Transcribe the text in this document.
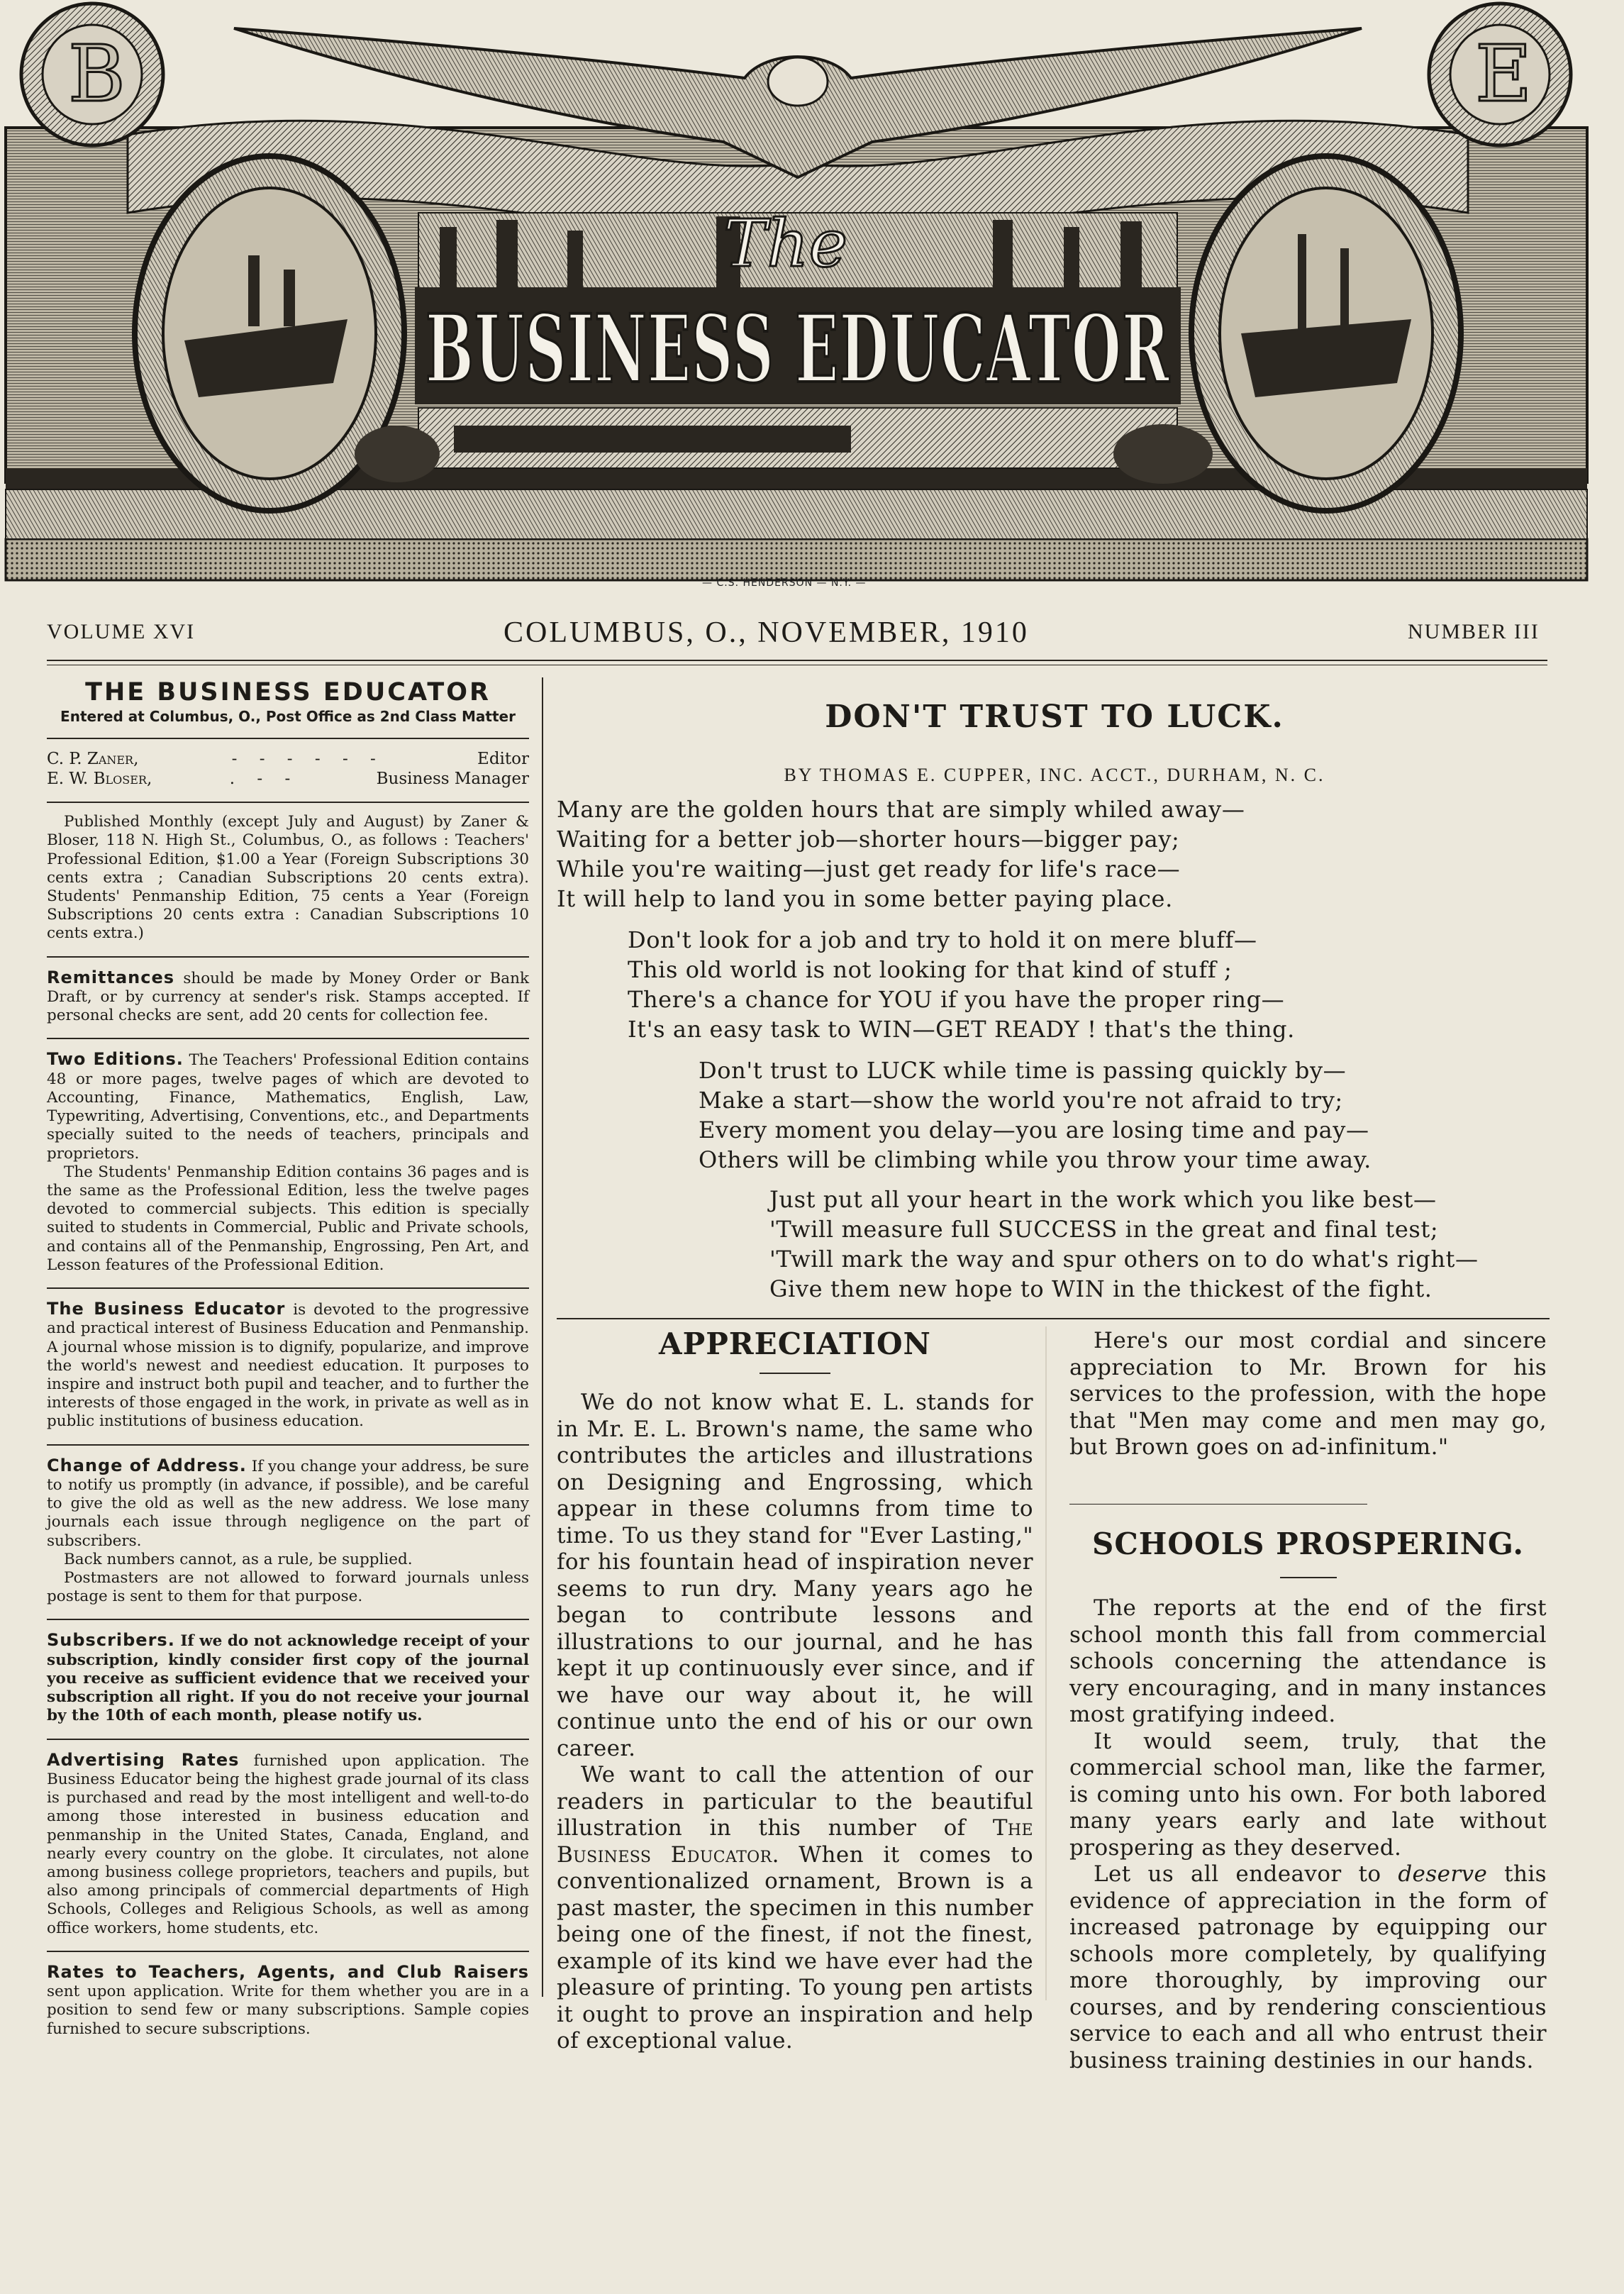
B	E
The
BUSINESS EDUCATOR
— C.S. HENDERSON — N.Y. —
VOLUME XVI	COLUMBUS, O., NOVEMBER, 1910	NUMBER III

THE BUSINESS EDUCATOR

Entered at Columbus, O., Post Office as 2nd Class Matter

C. P. Zaner,	- - - - - -	Editor
E. W. Bloser,	. - -	Business Manager

Published Monthly (except July and August) by Zaner & Bloser, 118 N. High St., Columbus, O., as follows : Teachers' Professional Edition, $1.00 a Year (Foreign Subscriptions 30 cents extra ; Canadian Subscriptions 20 cents extra). Students' Penmanship Edition, 75 cents a Year (Foreign Subscriptions 20 cents extra : Canadian Subscriptions 10 cents extra.)

Remittances should be made by Money Order or Bank Draft, or by currency at sender's risk. Stamps accepted. If personal checks are sent, add 20 cents for collection fee.

Two Editions. The Teachers' Professional Edition contains 48 or more pages, twelve pages of which are devoted to Accounting, Finance, Mathematics, English, Law, Typewriting, Advertising, Conventions, etc., and Departments specially suited to the needs of teachers, principals and proprietors.

The Students' Penmanship Edition contains 36 pages and is the same as the Professional Edition, less the twelve pages devoted to commercial subjects. This edition is specially suited to students in Commercial, Public and Private schools, and contains all of the Penmanship, Engrossing, Pen Art, and Lesson features of the Professional Edition.

The Business Educator is devoted to the progressive and practical interest of Business Education and Penmanship. A journal whose mission is to dignify, popularize, and improve the world's newest and neediest education. It purposes to inspire and instruct both pupil and teacher, and to further the interests of those engaged in the work, in private as well as in public institutions of business education.

Change of Address. If you change your address, be sure to notify us promptly (in advance, if possible), and be careful to give the old as well as the new address. We lose many journals each issue through negligence on the part of subscribers.

Back numbers cannot, as a rule, be supplied.

Postmasters are not allowed to forward journals unless postage is sent to them for that purpose.

Subscribers. If we do not acknowledge receipt of your subscription, kindly consider first copy of the journal you receive as sufficient evidence that we received your subscription all right. If you do not receive your journal by the 10th of each month, please notify us.

Advertising Rates furnished upon application. The Business Educator being the highest grade journal of its class is purchased and read by the most intelligent and well-to-do among those interested in business education and penmanship in the United States, Canada, England, and nearly every country on the globe. It circulates, not alone among business college proprietors, teachers and pupils, but also among principals of commercial departments of High Schools, Colleges and Religious Schools, as well as among office workers, home students, etc.

Rates to Teachers, Agents, and Club Raisers sent upon application. Write for them whether you are in a position to send few or many subscriptions. Sample copies furnished to secure subscriptions.

DON'T TRUST TO LUCK.
BY THOMAS E. CUPPER, INC. ACCT., DURHAM, N. C.
Many are the golden hours that are simply whiled away—
Waiting for a better job—shorter hours—bigger pay;
While you're waiting—just get ready for life's race—
It will help to land you in some better paying place.
Don't look for a job and try to hold it on mere bluff—
This old world is not looking for that kind of stuff ;
There's a chance for YOU if you have the proper ring—
It's an easy task to WIN—GET READY ! that's the thing.
Don't trust to LUCK while time is passing quickly by—
Make a start—show the world you're not afraid to try;
Every moment you delay—you are losing time and pay—
Others will be climbing while you throw your time away.
Just put all your heart in the work which you like best—
'Twill measure full SUCCESS in the great and final test;
'Twill mark the way and spur others on to do what's right—
Give them new hope to WIN in the thickest of the fight.
APPRECIATION

We do not know what E. L. stands for in Mr. E. L. Brown's name, the same who contributes the articles and illustrations on Designing and Engrossing, which appear in these columns from time to time. To us they stand for "Ever Lasting," for his fountain head of inspiration never seems to run dry. Many years ago he began to contribute lessons and illustrations to our journal, and he has kept it up continuously ever since, and if we have our way about it, he will continue unto the end of his or our own career.

We want to call the attention of our readers in particular to the beautiful illustration in this number of The Business Educator. When it comes to conventionalized ornament, Brown is a past master, the specimen in this number being one of the finest, if not the finest, example of its kind we have ever had the pleasure of printing. To young pen artists it ought to prove an inspiration and help of exceptional value.

Here's our most cordial and sincere appreciation to Mr. Brown for his services to the profession, with the hope that "Men may come and men may go, but Brown goes on ad-infinitum."

SCHOOLS PROSPERING.

The reports at the end of the first school month this fall from commercial schools concerning the attendance is very encouraging, and in many instances most gratifying indeed.

It would seem, truly, that the commercial school man, like the farmer, is coming unto his own. For both labored many years early and late without prospering as they deserved.

Let us all endeavor to deserve this evidence of appreciation in the form of increased patronage by equipping our schools more completely, by qualifying more thoroughly, by improving our courses, and by rendering conscientious service to each and all who entrust their business training destinies in our hands.
